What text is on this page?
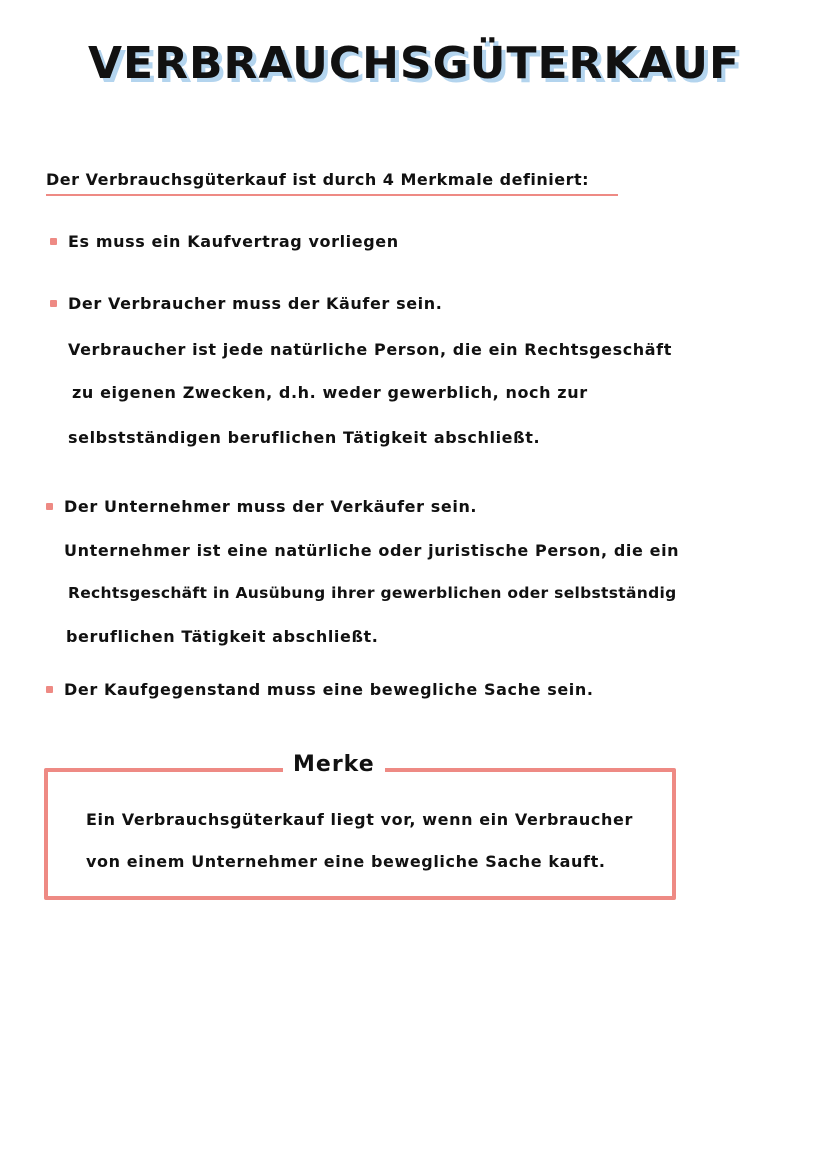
VERBRAUCHSGÜTERKAUF
Der Verbrauchsgüterkauf ist durch 4 Merkmale definiert:
Es muss ein Kaufvertrag vorliegen
Der Verbraucher muss der Käufer sein.
Verbraucher ist jede natürliche Person, die ein Rechtsgeschäft
zu eigenen Zwecken, d.h. weder gewerblich, noch zur
selbstständigen beruflichen Tätigkeit abschließt.
Der Unternehmer muss der Verkäufer sein.
Unternehmer ist eine natürliche oder juristische Person, die ein
Rechtsgeschäft in Ausübung ihrer gewerblichen oder selbstständig
beruflichen Tätigkeit abschließt.
Der Kaufgegenstand muss eine bewegliche Sache sein.
Merke
Ein Verbrauchsgüterkauf liegt vor, wenn ein Verbraucher
von einem Unternehmer eine bewegliche Sache kauft.
